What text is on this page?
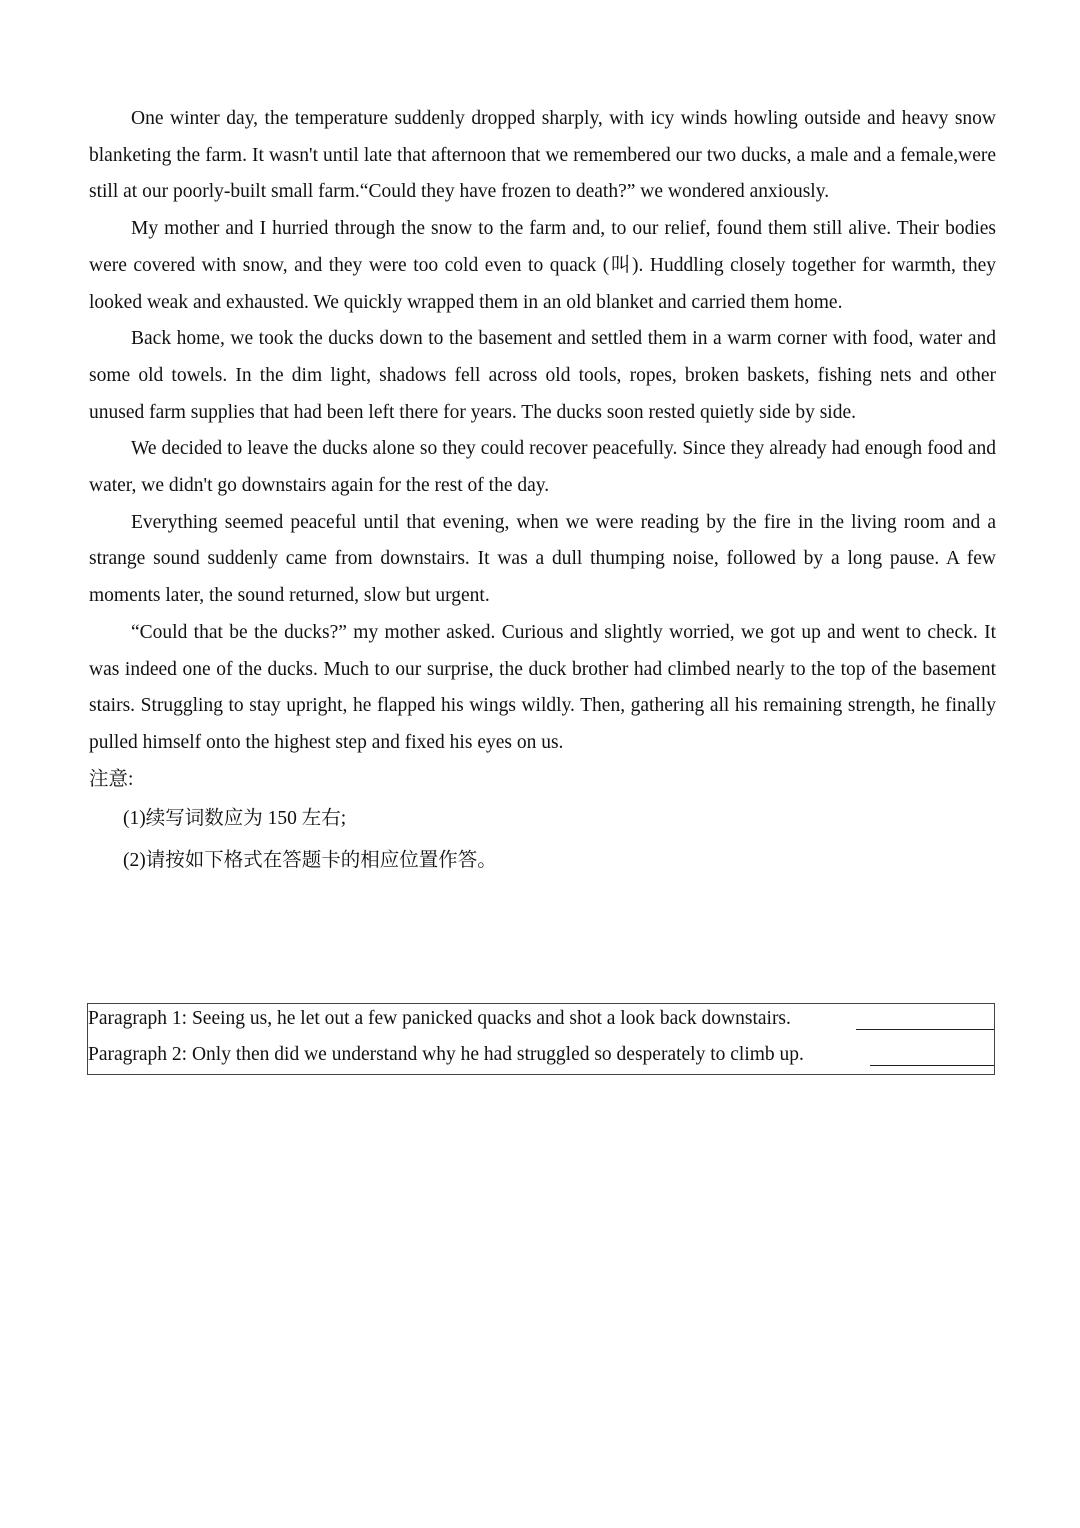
One winter day, the temperature suddenly dropped sharply, with icy winds howling outside and heavy snow blanketing the farm. It wasn't until late that afternoon that we remembered our two ducks, a male and a female,were still at our poorly-built small farm.“Could they have frozen to death?” we wondered anxiously.

My mother and I hurried through the snow to the farm and, to our relief, found them still alive. Their bodies were covered with snow, and they were too cold even to quack (叫). Huddling closely together for warmth, they looked weak and exhausted. We quickly wrapped them in an old blanket and carried them home.

Back home, we took the ducks down to the basement and settled them in a warm corner with food, water and some old towels. In the dim light, shadows fell across old tools, ropes, broken baskets, fishing nets and other unused farm supplies that had been left there for years. The ducks soon rested quietly side by side.

We decided to leave the ducks alone so they could recover peacefully. Since they already had enough food and water, we didn't go downstairs again for the rest of the day.

Everything seemed peaceful until that evening, when we were reading by the fire in the living room and a strange sound suddenly came from downstairs. It was a dull thumping noise, followed by a long pause. A few moments later, the sound returned, slow but urgent.

“Could that be the ducks?” my mother asked. Curious and slightly worried, we got up and went to check. It was indeed one of the ducks. Much to our surprise, the duck brother had climbed nearly to the top of the basement stairs. Struggling to stay upright, he flapped his wings wildly. Then, gathering all his remaining strength, he finally pulled himself onto the highest step and fixed his eyes on us.

注意:

(1)续写词数应为 150 左右;

(2)请按如下格式在答题卡的相应位置作答。

Paragraph 1: Seeing us, he let out a few panicked quacks and shot a look back downstairs.
Paragraph 2: Only then did we understand why he had struggled so desperately to climb up.
